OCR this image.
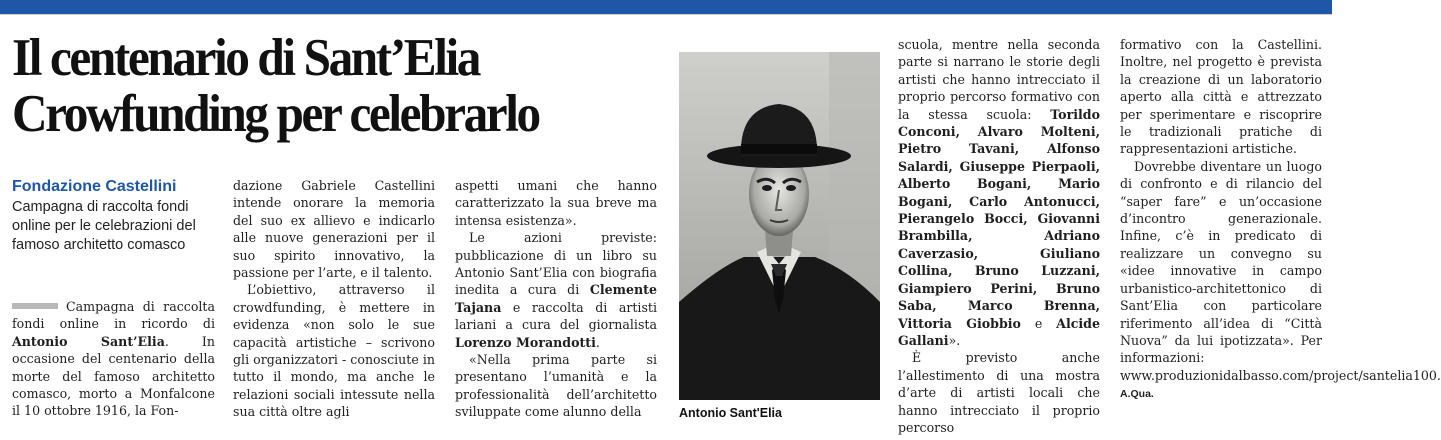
Il centenario di Sant’Elia
Crowfunding per celebrarlo
Fondazione Castellini
Campagna di raccolta fondi online per le celebrazioni del famoso architetto comasco

Campagna di raccolta fondi online in ricordo di Antonio Sant’Elia. In occasione del centenario della morte del famoso architetto comasco, morto a Monfalcone il 10 ottobre 1916, la Fon-

dazione Gabriele Castellini intende onorare la memoria del suo ex allievo e indicarlo alle nuove generazioni per il suo spirito innovativo, la passione per l’arte, e il talento.

L’obiettivo, attraverso il crowdfunding, è mettere in evidenza «non solo le sue capacità artistiche – scrivono gli organizzatori - conosciute in tutto il mondo, ma anche le relazioni sociali intessute nella sua città oltre agli

aspetti umani che hanno caratterizzato la sua breve ma intensa esistenza».

Le azioni previste: pubblicazione di un libro su Antonio Sant’Elia con biografia inedita a cura di Clemente Tajana e raccolta di artisti lariani a cura del giornalista Lorenzo Morandotti.

«Nella prima parte si presentano l’umanità e la professionalità dell’architetto sviluppate come alunno della	Antonio Sant'Elia

scuola, mentre nella seconda parte si narrano le storie degli artisti che hanno intrecciato il proprio percorso formativo con la stessa scuola: Torildo Conconi, Alvaro Molteni, Pietro Tavani, Alfonso Salardi, Giuseppe Pierpaoli, Alberto Bogani, Mario Bogani, Carlo Antonucci, Pierangelo Bocci, Giovanni Brambilla, Adriano Caverzasio, Giuliano Collina, Bruno Luzzani, Giampiero Perini, Bruno Saba, Marco Brenna, Vittoria Giobbio e Alcide Gallani».

È previsto anche l’allestimento di una mostra d’arte di artisti locali che hanno intrecciato il proprio percorso

formativo con la Castellini. Inoltre, nel progetto è prevista la creazione di un laboratorio aperto alla città e attrezzato per sperimentare e riscoprire le tradizionali pratiche di rappresentazioni artistiche.

Dovrebbe diventare un luogo di confronto e di rilancio del “saper fare” e un’occasione d’incontro generazionale. Infine, c’è in predicato di realizzare un convegno su «idee innovative in campo urbanistico-architettonico di Sant’Elia con particolare riferimento all’idea di “Città Nuova” da lui ipotizzata». Per informazioni: www.produzionidalbasso.com/project/santelia100. A.Qua.
